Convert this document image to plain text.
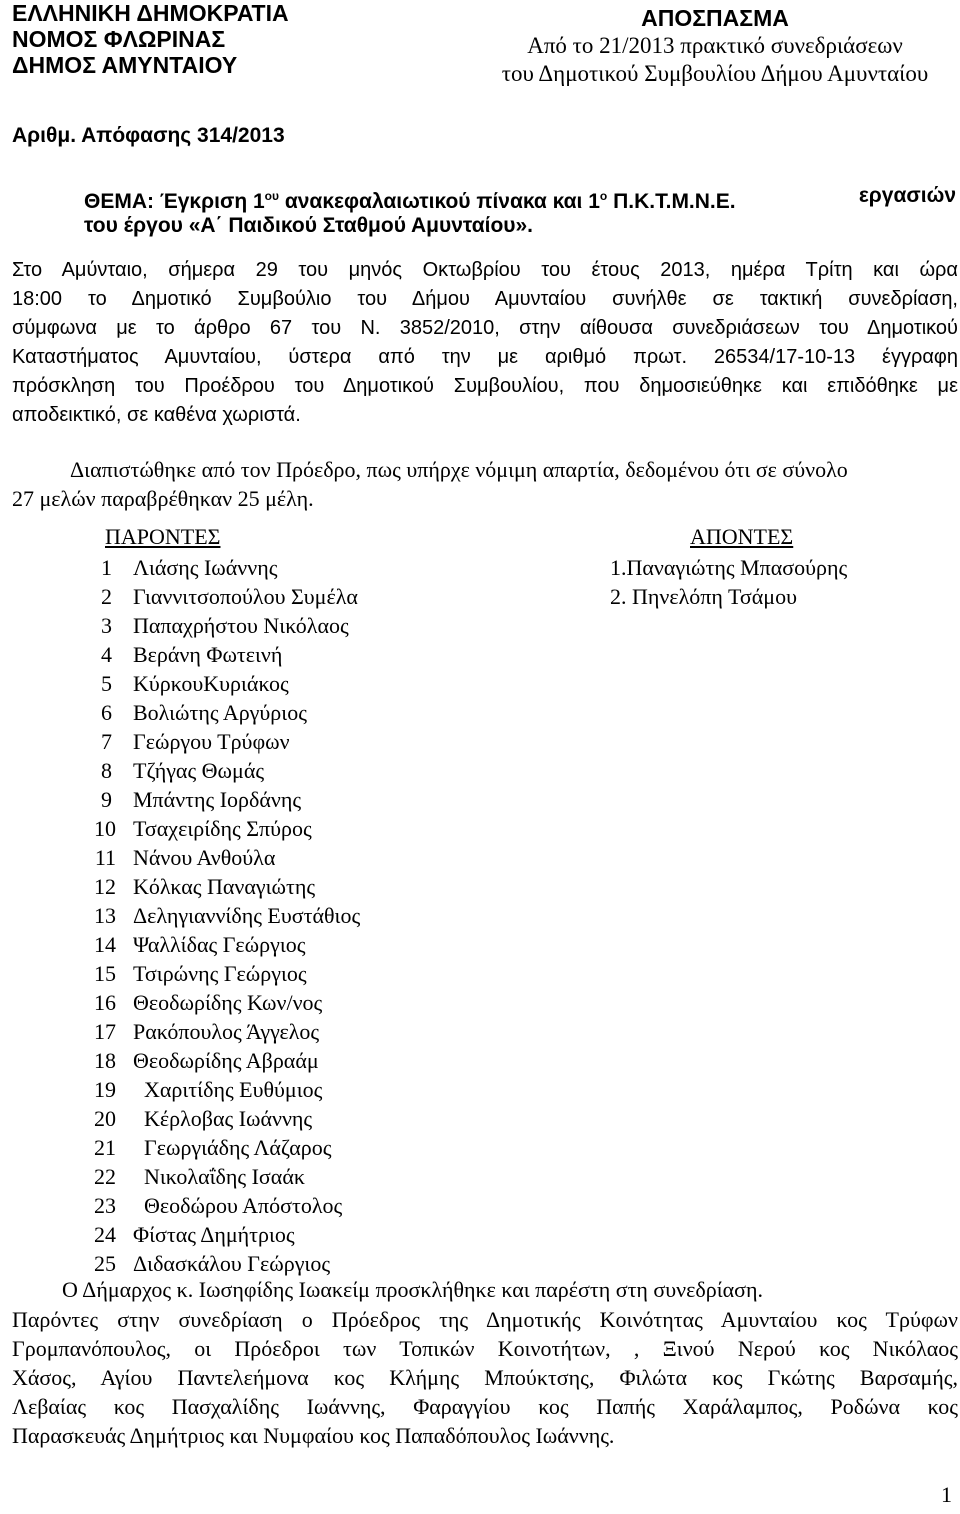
ΕΛΛΗΝΙΚΗ ΔΗΜΟΚΡΑΤΙΑ
ΝΟΜΟΣ ΦΛΩΡΙΝΑΣ
ΔΗΜΟΣ ΑΜΥΝΤΑΙΟΥ
ΑΠΟΣΠΑΣΜΑ
Από το 21/2013 πρακτικό συνεδριάσεων
του Δημοτικού Συμβουλίου Δήμου Αμυνταίου
Αριθμ. Απόφασης 314/2013
ΘΕΜΑ: Έγκριση $1^{o\upsilon}$ ανακεφαλαιωτικού πίνακα και $1^o$ Π.Κ.Τ.Μ.Ν.Ε.	εργασιών
του έργου «Α΄ Παιδικού Σταθμού Αμυνταίου».
Στο Αμύνταιο, σήμερα 29 του μηνός Οκτωβρίου του έτους 2013, ημέρα Τρίτη και ώρα
18:00 το Δημοτικό Συμβούλιο του Δήμου Αμυνταίου συνήλθε σε τακτική συνεδρίαση,
σύμφωνα με το άρθρο 67 του Ν. 3852/2010, στην αίθουσα συνεδριάσεων του Δημοτικού
Καταστήματος Αμυνταίου, ύστερα από την με αριθμό πρωτ. 26534/17-10-13 έγγραφη
πρόσκληση του Προέδρου του Δημοτικού Συμβουλίου, που δημοσιεύθηκε και επιδόθηκε με
αποδεικτικό, σε καθένα χωριστά.
Διαπιστώθηκε από τον Πρόεδρο, πως υπήρχε νόμιμη απαρτία, δεδομένου ότι σε σύνολο
27 μελών παραβρέθηκαν 25 μέλη.
ΠΑΡΟΝΤΕΣ	ΑΠΟΝΤΕΣ
1 Λιάσης Ιωάννης
2 Γιαννιτσοπούλου Συμέλα
3 Παπαχρήστου Νικόλαος
4 Βεράνη Φωτεινή
5 ΚύρκουΚυριάκος
6 Βολιώτης Αργύριος
7 Γεώργου Τρύφων
8 Τζήγας Θωμάς
9 Μπάντης Ιορδάνης
10 Τσαχειρίδης Σπύρος
11 Νάνου Ανθούλα
12 Κόλκας Παναγιώτης
13 Δεληγιαννίδης Ευστάθιος
14 Ψαλλίδας Γεώργιος
15 Τσιρώνης Γεώργιος
16 Θεοδωρίδης Κων/νος
17 Ρακόπουλος Άγγελος
18 Θεοδωρίδης Αβραάμ
19 Χαριτίδης Ευθύμιος
20 Κέρλοβας Ιωάννης
21 Γεωργιάδης Λάζαρος
22 Νικολαΐδης Ισαάκ
23 Θεοδώρου Απόστολος
24 Φίστας Δημήτριος
25 Διδασκάλου Γεώργιος
1.Παναγιώτης Μπασούρης
2. Πηνελόπη Τσάμου
Ο Δήμαρχος κ. Ιωσηφίδης Ιωακείμ προσκλήθηκε και παρέστη στη συνεδρίαση.
Παρόντες στην συνεδρίαση ο Πρόεδρος της Δημοτικής Κοινότητας Αμυνταίου κος Τρύφων
Γρομπανόπουλος, οι Πρόεδροι των Τοπικών Κοινοτήτων, , Ξινού Νερού κος Νικόλαος
Χάσος, Αγίου Παντελεήμονα κος Κλήμης Μπούκτσης, Φιλώτα κος Γκώτης Βαρσαμής,
Λεβαίας κος Πασχαλίδης Ιωάννης, Φαραγγίου κος Παπής Χαράλαμπος, Ροδώνα κος
Παρασκευάς Δημήτριος και Νυμφαίου κος Παπαδόπουλος Ιωάννης.
1
